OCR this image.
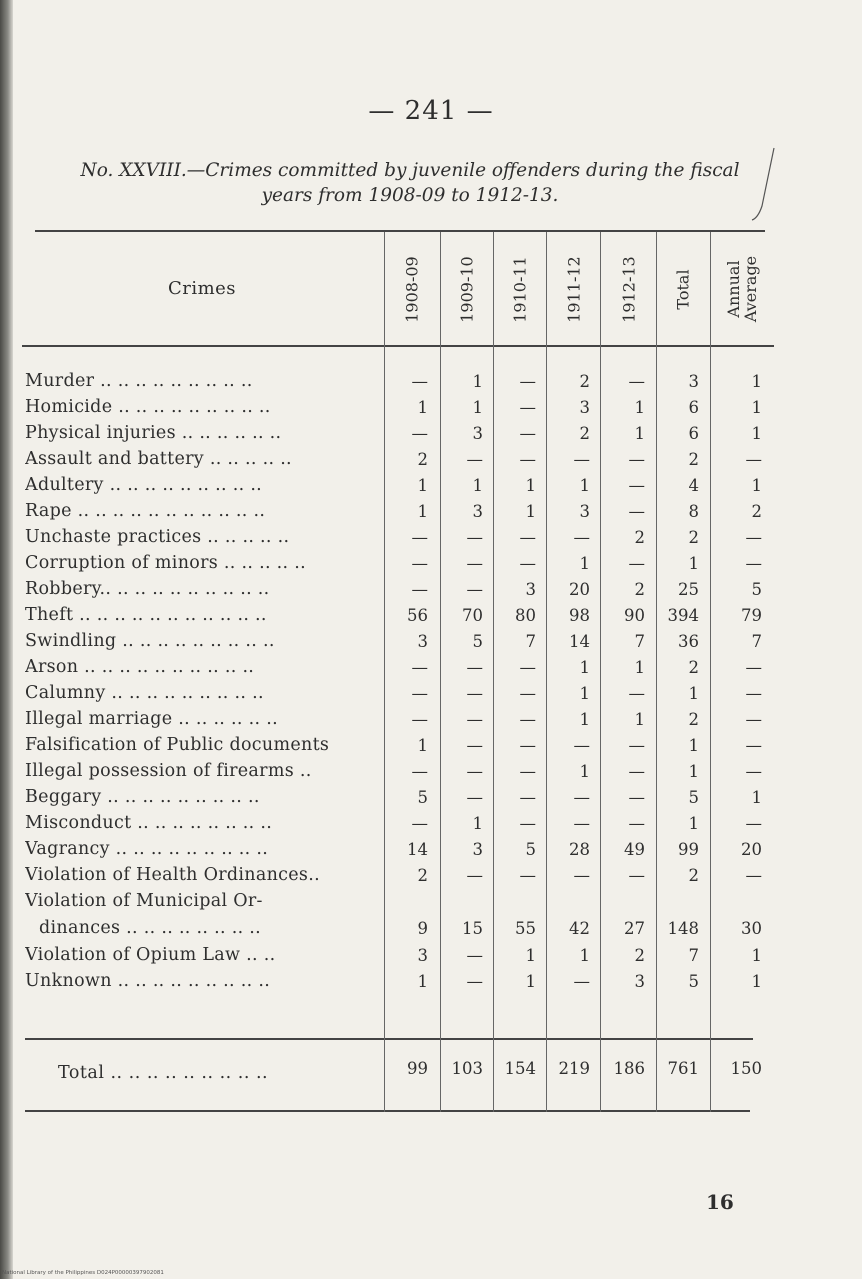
— 241 —
No. XXVIII.—Crimes committed by juvenile offenders during the fiscal
years from 1908-09 to 1912-13.
Crimes	1908-09 1909-10 1910-11 1911-12 1912-13 Total Annual Average
Murder .. .. .. .. .. .. .. .. ..	—	1	—	2	—	3	1
Homicide .. .. .. .. .. .. .. .. ..	1	1	—	3	1	6	1
Physical injuries .. .. .. .. .. ..	—	3	—	2	1	6	1
Assault and battery .. .. .. .. ..	2	—	—	—	—	2	—
Adultery .. .. .. .. .. .. .. .. ..	1	1	1	1	—	4	1
Rape .. .. .. .. .. .. .. .. .. .. ..	1	3	1	3	—	8	2
Unchaste practices .. .. .. .. ..	—	—	—	—	2	2	—
Corruption of minors .. .. .. .. ..	—	—	—	1	—	1	—
Robbery.. .. .. .. .. .. .. .. .. ..	—	—	3	20	2	25	5
Theft .. .. .. .. .. .. .. .. .. .. ..	56	70	80	98	90	394	79
Swindling .. .. .. .. .. .. .. .. ..	3	5	7	14	7	36	7
Arson .. .. .. .. .. .. .. .. .. ..	—	—	—	1	1	2	—
Calumny .. .. .. .. .. .. .. .. ..	—	—	—	1	—	1	—
Illegal marriage .. .. .. .. .. ..	—	—	—	1	1	2	—
Falsification of Public documents	1	—	—	—	—	1	—
Illegal possession of firearms ..	—	—	—	1	—	1	—
Beggary .. .. .. .. .. .. .. .. ..	5	—	—	—	—	5	1
Misconduct .. .. .. .. .. .. .. ..	—	1	—	—	—	1	—
Vagrancy .. .. .. .. .. .. .. .. ..	14	3	5	28	49	99	20
Violation of Health Ordinances..	2	—	—	—	—	2	—
Violation of Municipal Or-
dinances .. .. .. .. .. .. .. ..	9	15	55	42	27	148	30
Violation of Opium Law .. ..	3	—	1	1	2	7	1
Unknown .. .. .. .. .. .. .. .. ..	1	—	1	—	3	5	1
Total .. .. .. .. .. .. .. .. ..	99	103	154	219	186	761	150
16
National Library of the Philippines D024P00000397902081
